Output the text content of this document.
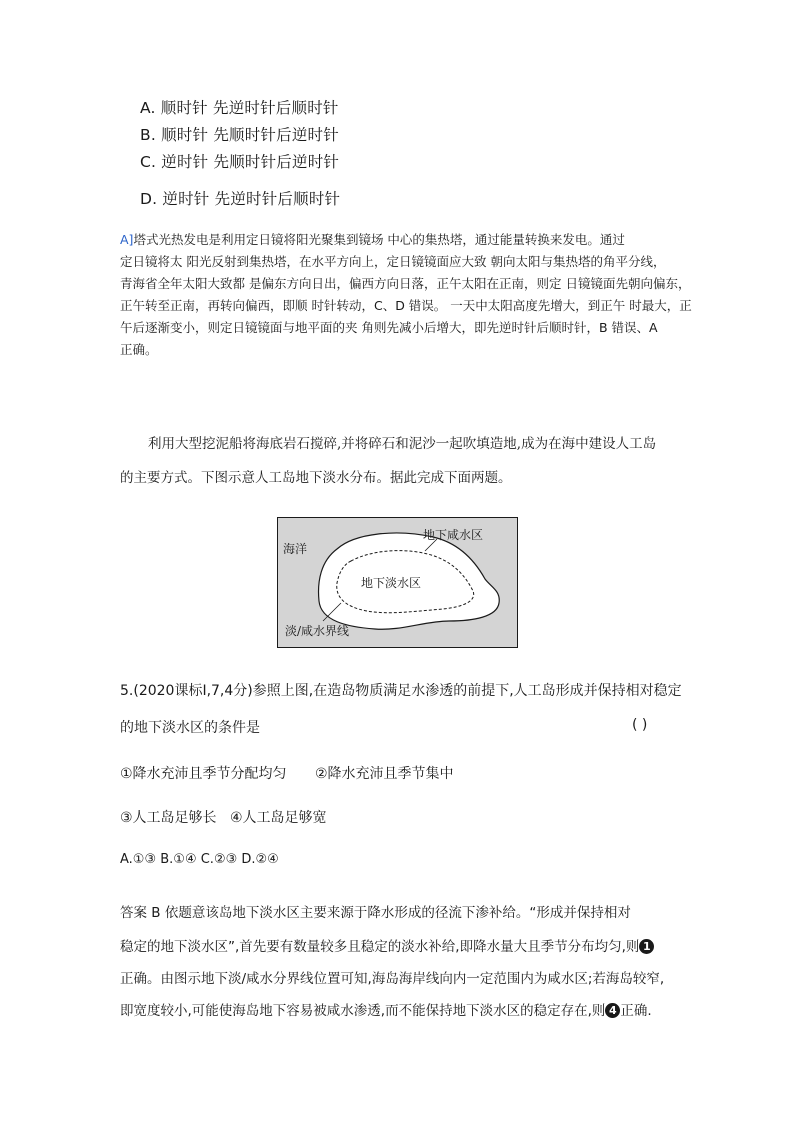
A. 顺时针 先逆时针后顺时针
B. 顺时针 先顺时针后逆时针
C. 逆时针 先顺时针后逆时针
D. 逆时针 先逆时针后顺时针
A]塔式光热发电是利用定日镜将阳光聚集到镜场 中心的集热塔，通过能量转换来发电。通过
定日镜将太 阳光反射到集热塔，在水平方向上，定日镜镜面应大致 朝向太阳与集热塔的角平分线，
青海省全年太阳大致都 是偏东方向日出，偏西方向日落，正午太阳在正南，则定 日镜镜面先朝向偏东，
正午转至正南，再转向偏西，即顺 时针转动，C、D 错误。 一天中太阳高度先增大，到正午 时最大，正
午后逐渐变小，则定日镜镜面与地平面的夹 角则先减小后增大，即先逆时针后顺时针，B 错误、A
正确。
利用大型挖泥船将海底岩石搅碎,并将碎石和泥沙一起吹填造地,成为在海中建设人工岛
的主要方式。下图示意人工岛地下淡水分布。据此完成下面两题。
海洋
地下咸水区
地下淡水区
淡/咸水界线
5.(2020课标Ⅰ,7,4分)参照上图,在造岛物质满足水渗透的前提下,人工岛形成并保持相对稳定
的地下淡水区的条件是	( )
①降水充沛且季节分配均匀 ②降水充沛且季节集中
③人工岛足够长 ④人工岛足够宽
A.①③ B.①④ C.②③ D.②④
答案 B 依题意该岛地下淡水区主要来源于降水形成的径流下渗补给。“形成并保持相对
稳定的地下淡水区”,首先要有数量较多且稳定的淡水补给,即降水量大且季节分布均匀,则 1
正确。由图示地下淡/咸水分界线位置可知,海岛海岸线向内一定范围内为咸水区;若海岛较窄,
即宽度较小,可能使海岛地下容易被咸水渗透,而不能保持地下淡水区的稳定存在,则 4 正确.
